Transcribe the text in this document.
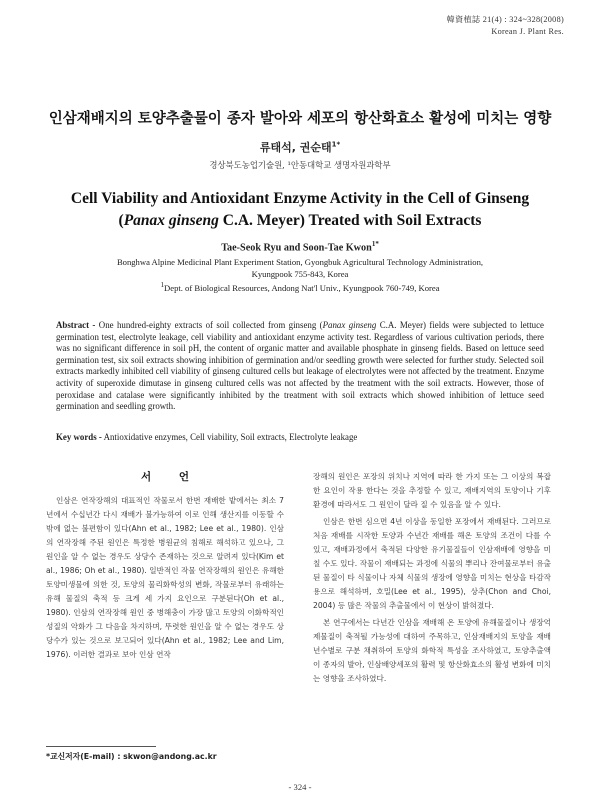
韓資植誌 21(4) : 324~328(2008)
Korean J. Plant Res.
인삼재배지의 토양추출물이 종자 발아와 세포의 항산화효소 활성에 미치는 영향
류태석, 권순태$^{1*}$
경상북도농업기술원, ¹안동대학교 생명자원과학부
Cell Viability and Antioxidant Enzyme Activity in the Cell of Ginseng
(Panax ginseng C.A. Meyer) Treated with Soil Extracts
Tae-Seok Ryu and Soon-Tae Kwon$^{1*}$
Bonghwa Alpine Medicinal Plant Experiment Station, Gyongbuk Agricultural Technology Administration,
Kyungpook 755-843, Korea
$^1$Dept. of Biological Resources, Andong Nat'l Univ., Kyungpook 760-749, Korea
Abstract - One hundred-eighty extracts of soil collected from ginseng (Panax ginseng C.A. Meyer) fields were subjected to lettuce germination test, electrolyte leakage, cell viability and antioxidant enzyme activity test. Regardless of various cultivation periods, there was no significant difference in soil pH, the content of organic matter and available phosphate in ginseng fields. Based on lettuce seed germination test, six soil extracts showing inhibition of germination and/or seedling growth were selected for further study. Selected soil extracts markedly inhibited cell viability of ginseng cultured cells but leakage of electrolytes were not affected by the treatment. Enzyme activity of superoxide dimutase in ginseng cultured cells was not affected by the treatment with the soil extracts. However, those of peroxidase and catalase were significantly inhibited by the treatment with soil extracts which showed inhibition of lettuce seed germination and seedling growth.
Key words - Antioxidative enzymes, Cell viability, Soil extracts, Electrolyte leakage
서 언

인삼은 연작장해의 대표적인 작물로서 한번 재배한 밭에서는 최소 7년에서 수십년간 다시 재배가 불가능하여 이로 인해 생산지를 이동할 수밖에 없는 불편함이 있다(Ahn et al., 1982; Lee et al., 1980). 인삼의 연작장해 주된 원인은 특정한 병원균의 침해로 해석하고 있으나, 그 원인을 알 수 없는 경우도 상당수 존재하는 것으로 알려져 있다(Kim et al., 1986; Oh et al., 1980). 일반적인 작물 연작장해의 원인은 유해한 토양미생물에 의한 것, 토양의 물리화학성의 변화, 작물로부터 유래하는 유해 물질의 축적 등 크게 세 가지 요인으로 구분된다(Oh et al., 1980). 인삼의 연작장해 원인 중 병해충이 가장 많고 토양의 이화학적인 성질의 악화가 그 다음을 차지하며, 뚜렷한 원인을 알 수 없는 경우도 상당수가 있는 것으로 보고되어 있다(Ahn et al., 1982; Lee and Lim, 1976). 이러한 결과로 보아 인삼 연작

장해의 원인은 포장의 위치나 지역에 따라 한 가지 또는 그 이상의 복잡한 요인이 작용 한다는 것을 추정할 수 있고, 재배지역의 토양이나 기후환경에 따라서도 그 원인이 달라 질 수 있음을 알 수 있다.

인삼은 한번 심으면 4년 이상을 동일한 포장에서 재배된다. 그러므로 처음 재배를 시작한 토양과 수년간 재배를 해온 토양의 조건이 다를 수 있고, 재배과정에서 축적된 다양한 유기물질들이 인삼재배에 영향을 미칠 수도 있다. 작물이 재배되는 과정에 식물의 뿌리나 잔여물로부터 유출된 물질이 타 식물이나 자체 식물의 생장에 영향을 미치는 현상을 타감작용으로 해석하며, 호밀(Lee et al., 1995), 상추(Chon and Choi, 2004) 등 많은 작물의 추출물에서 이 현상이 밝혀졌다.

본 연구에서는 다년간 인삼을 재배해 온 토양에 유해물질이나 생장억제물질이 축적될 가능성에 대하여 주목하고, 인삼재배지의 토양을 재배년수별로 구분 채취하여 토양의 화학적 특성을 조사하였고, 토양추출액이 종자의 발아, 인삼배양세포의 활력 및 항산화효소의 활성 변화에 미치는 영향을 조사하였다.

*교신저자(E-mail) : skwon@andong.ac.kr
- 324 -
